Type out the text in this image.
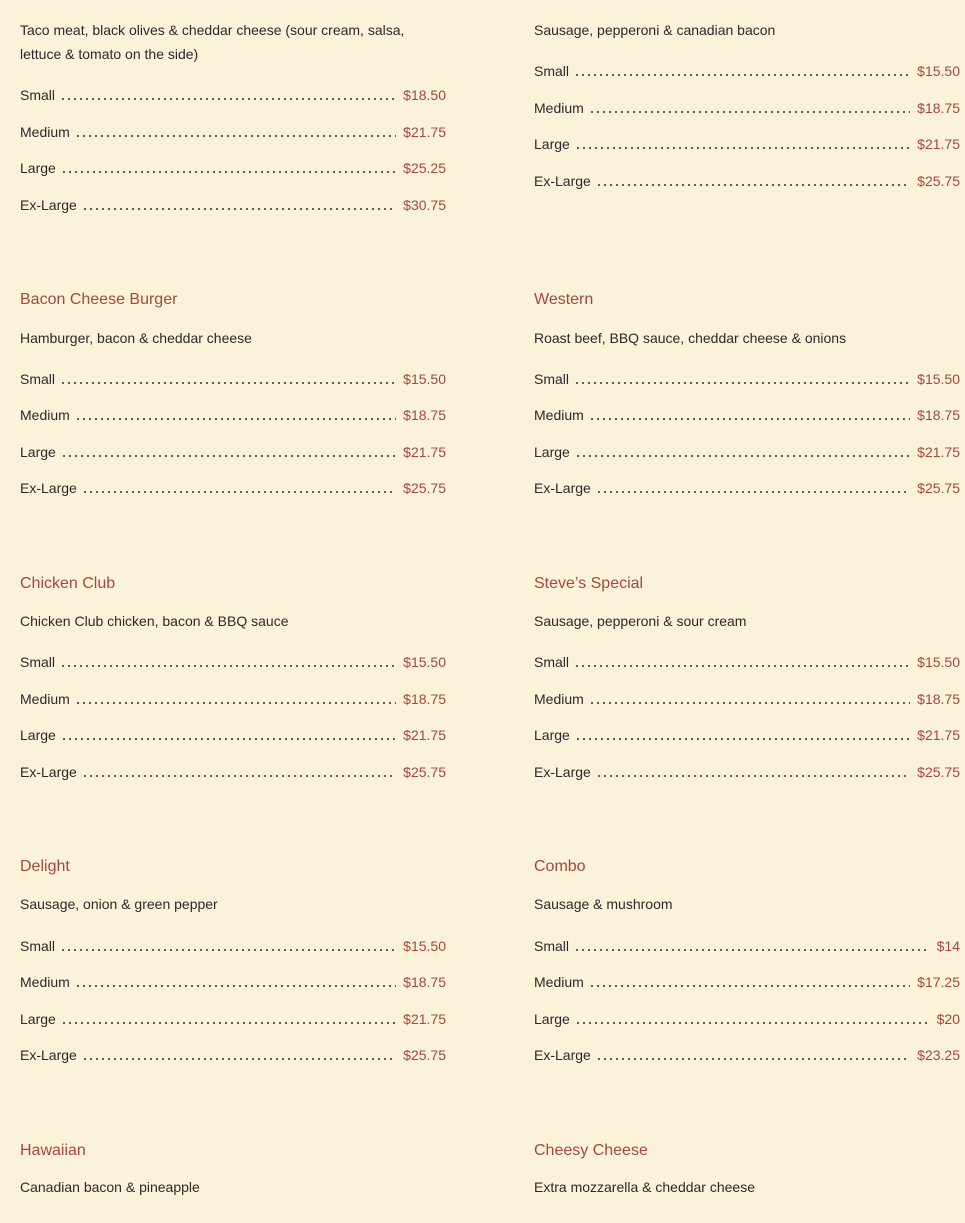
Taco meat, black olives & cheddar cheese (sour cream, salsa, lettuce & tomato on the side)
Small	$18.50
Medium	$21.75
Large	$25.25
Ex-Large	$30.75
Sausage, pepperoni & canadian bacon
Small	$15.50
Medium	$18.75
Large	$21.75
Ex-Large	$25.75
Bacon Cheese Burger
Hamburger, bacon & cheddar cheese
Small	$15.50
Medium	$18.75
Large	$21.75
Ex-Large	$25.75
Western
Roast beef, BBQ sauce, cheddar cheese & onions
Small	$15.50
Medium	$18.75
Large	$21.75
Ex-Large	$25.75
Chicken Club
Chicken Club chicken, bacon & BBQ sauce
Small	$15.50
Medium	$18.75
Large	$21.75
Ex-Large	$25.75
Steve’s Special
Sausage, pepperoni & sour cream
Small	$15.50
Medium	$18.75
Large	$21.75
Ex-Large	$25.75
Delight
Sausage, onion & green pepper
Small	$15.50
Medium	$18.75
Large	$21.75
Ex-Large	$25.75
Combo
Sausage & mushroom
Small	$14
Medium	$17.25
Large	$20
Ex-Large	$23.25
Hawaiian
Canadian bacon & pineapple
Cheesy Cheese
Extra mozzarella & cheddar cheese
